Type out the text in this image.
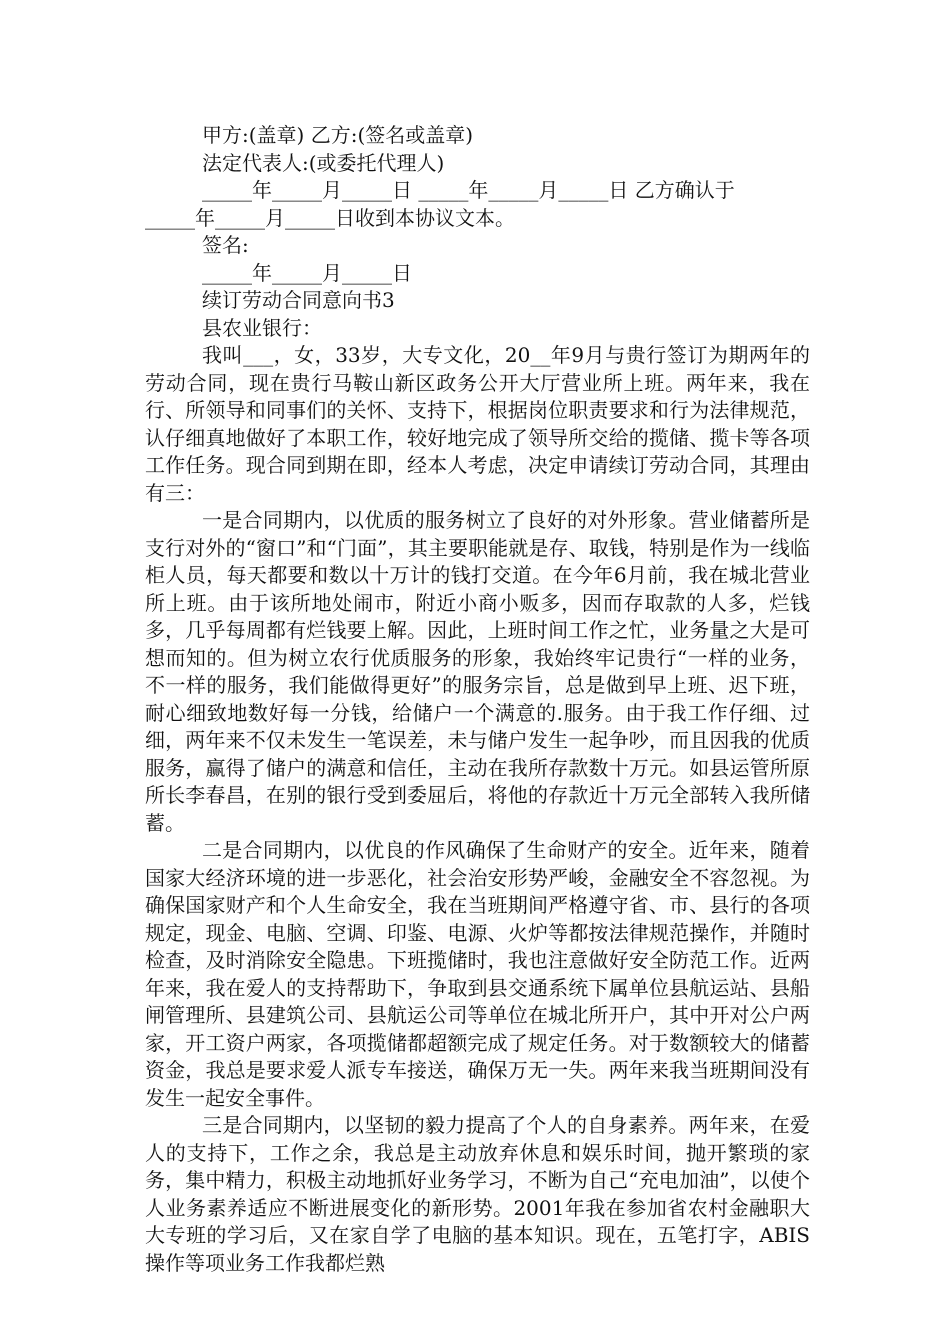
甲方:(盖章) 乙方:(签名或盖章)

法定代表人:(或委托代理人)

_____年_____月_____日 _____年_____月_____日 乙方确认于

_____年_____月_____日收到本协议文本。

签名:

_____年_____月_____日

续订劳动合同意向书3

县农业银行：

我叫___，女，33岁，大专文化，20__年9月与贵行签订为期两年的劳动合同，现在贵行马鞍山新区政务公开大厅营业所上班。两年来，我在行、所领导和同事们的关怀、支持下，根据岗位职责要求和行为法律规范，认仔细真地做好了本职工作，较好地完成了领导所交给的揽储、揽卡等各项工作任务。现合同到期在即，经本人考虑，决定申请续订劳动合同，其理由有三：

一是合同期内，以优质的服务树立了良好的对外形象。营业储蓄所是支行对外的“窗口”和“门面”，其主要职能就是存、取钱，特别是作为一线临柜人员，每天都要和数以十万计的钱打交道。在今年6月前，我在城北营业所上班。由于该所地处闹市，附近小商小贩多，因而存取款的人多，烂钱多，几乎每周都有烂钱要上解。因此，上班时间工作之忙，业务量之大是可想而知的。但为树立农行优质服务的形象，我始终牢记贵行“一样的业务，不一样的服务，我们能做得更好”的服务宗旨，总是做到早上班、迟下班，耐心细致地数好每一分钱，给储户一个满意的.服务。由于我工作仔细、过细，两年来不仅未发生一笔误差，未与储户发生一起争吵，而且因我的优质服务，赢得了储户的满意和信任，主动在我所存款数十万元。如县运管所原所长李春昌，在别的银行受到委屈后，将他的存款近十万元全部转入我所储蓄。

二是合同期内，以优良的作风确保了生命财产的安全。近年来，随着国家大经济环境的进一步恶化，社会治安形势严峻，金融安全不容忽视。为确保国家财产和个人生命安全，我在当班期间严格遵守省、市、县行的各项规定，现金、电脑、空调、印鉴、电源、火炉等都按法律规范操作，并随时检查，及时消除安全隐患。下班揽储时，我也注意做好安全防范工作。近两年来，我在爱人的支持帮助下，争取到县交通系统下属单位县航运站、县船闸管理所、县建筑公司、县航运公司等单位在城北所开户，其中开对公户两家，开工资户两家，各项揽储都超额完成了规定任务。对于数额较大的储蓄资金，我总是要求爱人派专车接送，确保万无一失。两年来我当班期间没有发生一起安全事件。

三是合同期内，以坚韧的毅力提高了个人的自身素养。两年来，在爱人的支持下，工作之余，我总是主动放弃休息和娱乐时间，抛开繁琐的家务，集中精力，积极主动地抓好业务学习，不断为自己“充电加油”，以使个人业务素养适应不断进展变化的新形势。2001年我在参加省农村金融职大大专班的学习后，又在家自学了电脑的基本知识。现在，五笔打字，ABIS操作等项业务工作我都烂熟
